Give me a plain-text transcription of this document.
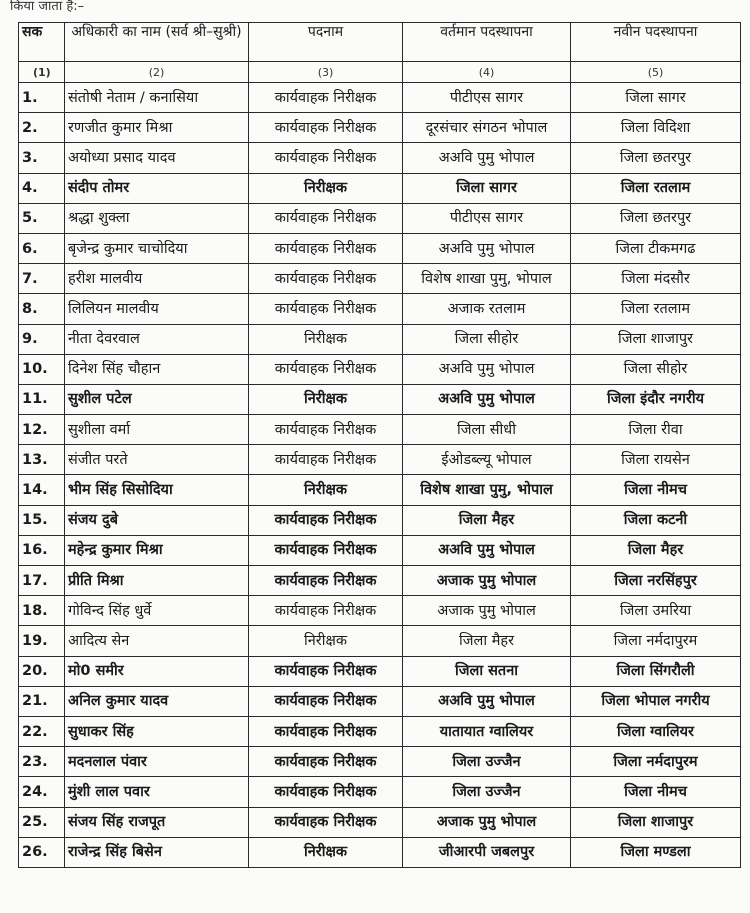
किया जाता है:–
सक	अधिकारी का नाम (सर्व श्री–सुश्री)	पदनाम	वर्तमान पदस्थापना	नवीन पदस्थापना
(1)	(2)	(3)	(4)	(5)
1.	संतोषी नेताम / कनासिया	कार्यवाहक निरीक्षक	पीटीएस सागर	जिला सागर
2.	रणजीत कुमार मिश्रा	कार्यवाहक निरीक्षक	दूरसंचार संगठन भोपाल	जिला विदिशा
3.	अयोध्या प्रसाद यादव	कार्यवाहक निरीक्षक	अअवि पुमु भोपाल	जिला छतरपुर
4.	संदीप तोमर	निरीक्षक	जिला सागर	जिला रतलाम
5.	श्रद्धा शुक्ला	कार्यवाहक निरीक्षक	पीटीएस सागर	जिला छतरपुर
6.	बृजेन्द्र कुमार चाचोदिया	कार्यवाहक निरीक्षक	अअवि पुमु भोपाल	जिला टीकमगढ
7.	हरीश मालवीय	कार्यवाहक निरीक्षक	विशेष शाखा पुमु, भोपाल	जिला मंदसौर
8.	लिलियन मालवीय	कार्यवाहक निरीक्षक	अजाक रतलाम	जिला रतलाम
9.	नीता देवरवाल	निरीक्षक	जिला सीहोर	जिला शाजापुर
10.	दिनेश सिंह चौहान	कार्यवाहक निरीक्षक	अअवि पुमु भोपाल	जिला सीहोर
11.	सुशील पटेल	निरीक्षक	अअवि पुमु भोपाल	जिला इंदौर नगरीय
12.	सुशीला वर्मा	कार्यवाहक निरीक्षक	जिला सीधी	जिला रीवा
13.	संजीत परते	कार्यवाहक निरीक्षक	ईओडब्ल्यू भोपाल	जिला रायसेन
14.	भीम सिंह सिसोदिया	निरीक्षक	विशेष शाखा पुमु, भोपाल	जिला नीमच
15.	संजय दुबे	कार्यवाहक निरीक्षक	जिला मैहर	जिला कटनी
16.	महेन्द्र कुमार मिश्रा	कार्यवाहक निरीक्षक	अअवि पुमु भोपाल	जिला मैहर
17.	प्रीति मिश्रा	कार्यवाहक निरीक्षक	अजाक पुमु भोपाल	जिला नरसिंहपुर
18.	गोविन्द सिंह धुर्वे	कार्यवाहक निरीक्षक	अजाक पुमु भोपाल	जिला उमरिया
19.	आदित्य सेन	निरीक्षक	जिला मैहर	जिला नर्मदापुरम
20.	मो0 समीर	कार्यवाहक निरीक्षक	जिला सतना	जिला सिंगरौली
21.	अनिल कुमार यादव	कार्यवाहक निरीक्षक	अअवि पुमु भोपाल	जिला भोपाल नगरीय
22.	सुधाकर सिंह	कार्यवाहक निरीक्षक	यातायात ग्वालियर	जिला ग्वालियर
23.	मदनलाल पंवार	कार्यवाहक निरीक्षक	जिला उज्जैन	जिला नर्मदापुरम
24.	मुंशी लाल पवार	कार्यवाहक निरीक्षक	जिला उज्जैन	जिला नीमच
25.	संजय सिंह राजपूत	कार्यवाहक निरीक्षक	अजाक पुमु भोपाल	जिला शाजापुर
26.	राजेन्द्र सिंह बिसेन	निरीक्षक	जीआरपी जबलपुर	जिला मण्डला
